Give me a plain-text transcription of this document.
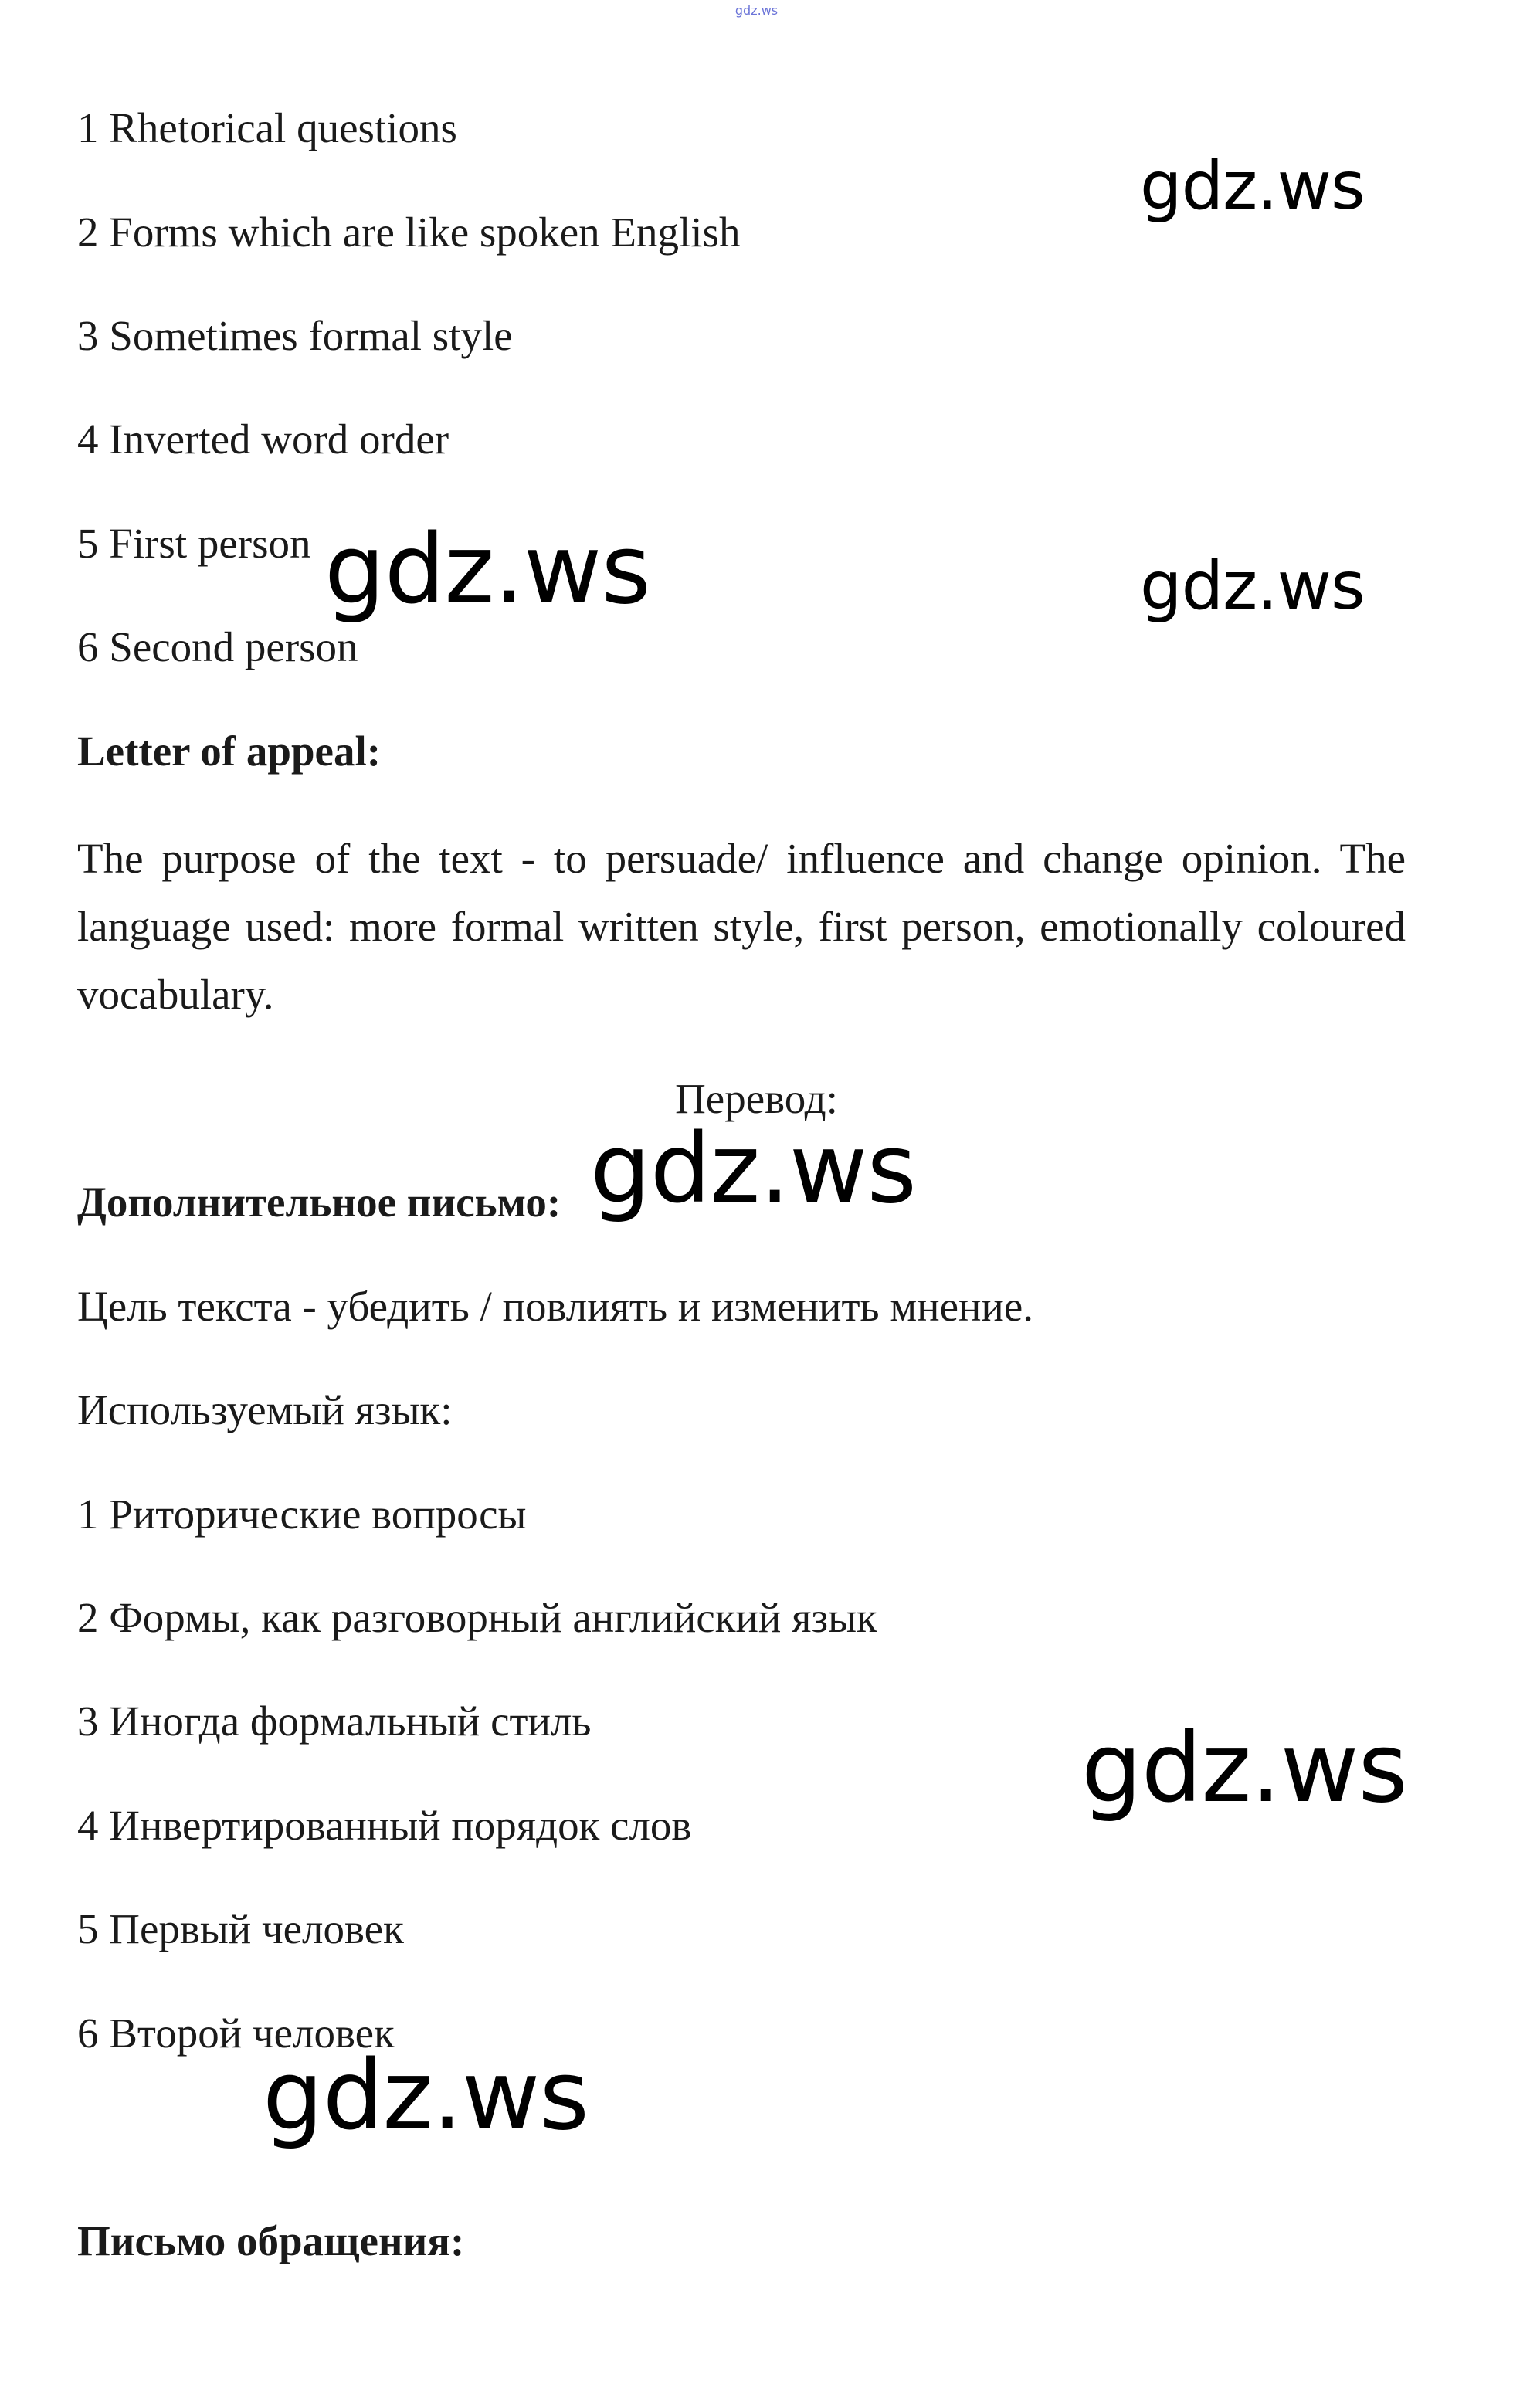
gdz.ws

1 Rhetorical questions

2 Forms which are like spoken English

3 Sometimes formal style

4 Inverted word order

5 First person

6 Second person

Letter of appeal:

The purpose of the text - to persuade/ influence and change opinion. The language used: more formal written style, first person, emotionally coloured vocabulary.

Перевод:

Дополнительное письмо:

Цель текста - убедить / повлиять и изменить мнение.

Используемый язык:

1 Риторические вопросы

2 Формы, как разговорный английский язык

3 Иногда формальный стиль

4 Инвертированный порядок слов

5 Первый человек

6 Второй человек

Письмо обращения:

gdz.ws
gdz.ws	gdz.ws
gdz.ws
gdz.ws
gdz.ws
